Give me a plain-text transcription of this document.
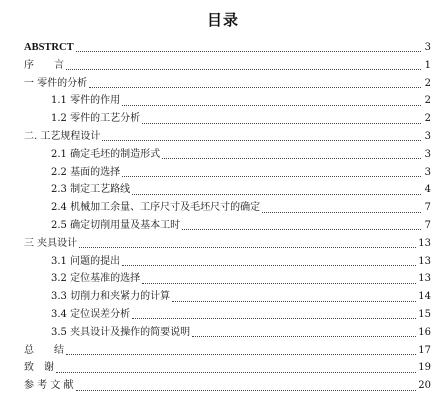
目录
ABSTRCT	3
序　　言	1
一 零件的分析	2
1.1 零件的作用	2
1.2 零件的工艺分析	2
二. 工艺规程设计	3
2.1 确定毛坯的制造形式	3
2.2 基面的选择	3
2.3 制定工艺路线	4
2.4 机械加工余量、工序尺寸及毛坯尺寸的确定	7
2.5 确定切削用量及基本工时	7
三 夹具设计	13
3.1 问题的提出	13
3.2 定位基准的选择	13
3.3 切削力和夹紧力的计算	14
3.4 定位误差分析	15
3.5 夹具设计及操作的简要说明	16
总　　结	17
致　谢	19
参 考 文 献	20
